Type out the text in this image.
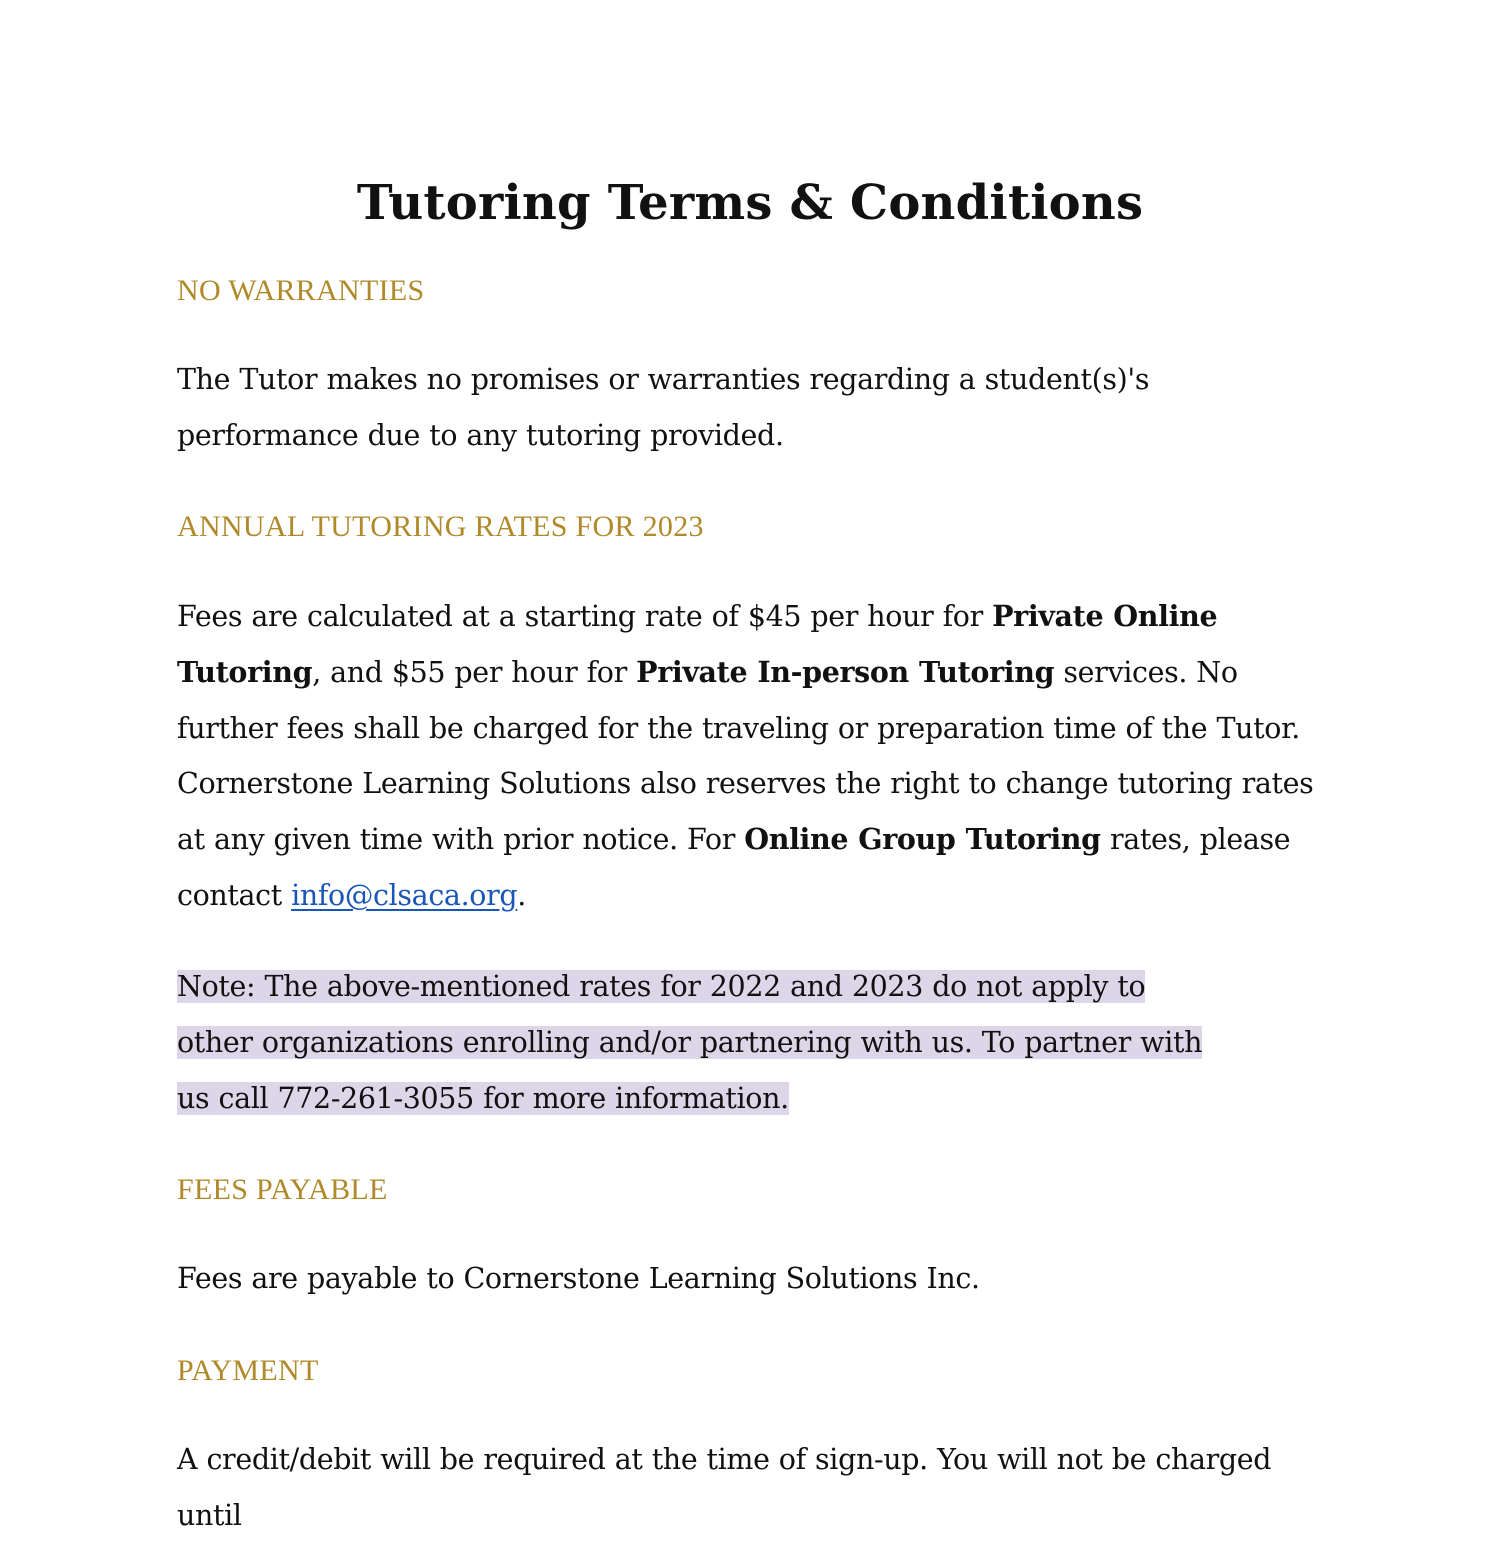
Tutoring Terms & Conditions
NO WARRANTIES

The Tutor makes no promises or warranties regarding a student(s)'s performance due to any tutoring provided.

ANNUAL TUTORING RATES FOR 2023

Fees are calculated at a starting rate of $45 per hour for Private Online Tutoring, and $55 per hour for Private In-person Tutoring services. No further fees shall be charged for the traveling or preparation time of the Tutor. Cornerstone Learning Solutions also reserves the right to change tutoring rates at any given time with prior notice. For Online Group Tutoring rates, please contact info@clsaca.org.

Note: The above-mentioned rates for 2022 and 2023 do not apply to other organizations enrolling and/or partnering with us. To partner with us call 772-261-3055 for more information.

FEES PAYABLE

Fees are payable to Cornerstone Learning Solutions Inc.

PAYMENT

A credit/debit will be required at the time of sign-up. You will not be charged until
